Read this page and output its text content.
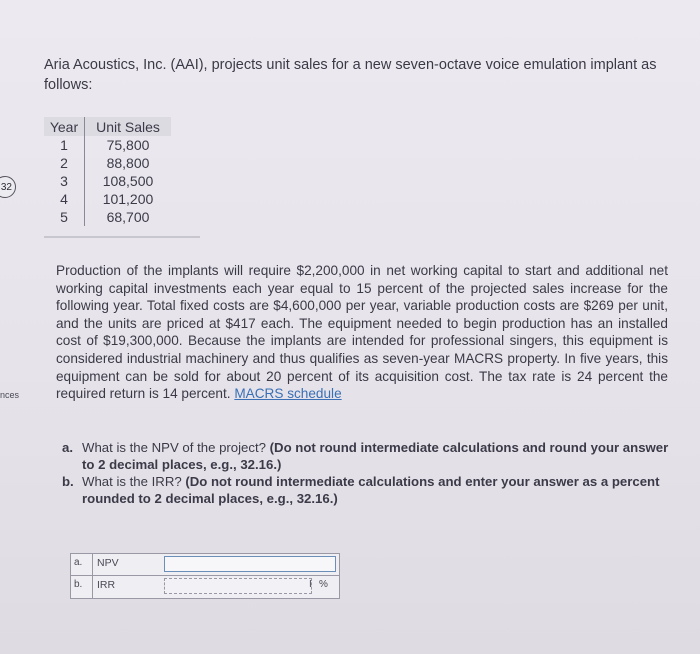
32
nces
Aria Acoustics, Inc. (AAI), projects unit sales for a new seven-octave voice emulation implant as follows:
Year	Unit Sales
1	75,800
2	88,800
3	108,500
4	101,200
5	68,700
Production of the implants will require $2,200,000 in net working capital to start and additional net working capital investments each year equal to 15 percent of the projected sales increase for the following year. Total fixed costs are $4,600,000 per year, variable production costs are $269 per unit, and the units are priced at $417 each. The equipment needed to begin production has an installed cost of $19,300,000. Because the implants are intended for professional singers, this equipment is considered industrial machinery and thus qualifies as seven-year MACRS property. In five years, this equipment can be sold for about 20 percent of its acquisition cost. The tax rate is 24 percent the required return is 14 percent. MACRS schedule
a. What is the NPV of the project? (Do not round intermediate calculations and round your answer to 2 decimal places, e.g., 32.16.)
b. What is the IRR? (Do not round intermediate calculations and enter your answer as a percent rounded to 2 decimal places, e.g., 32.16.)
a. NPV
b. IRR	I %
